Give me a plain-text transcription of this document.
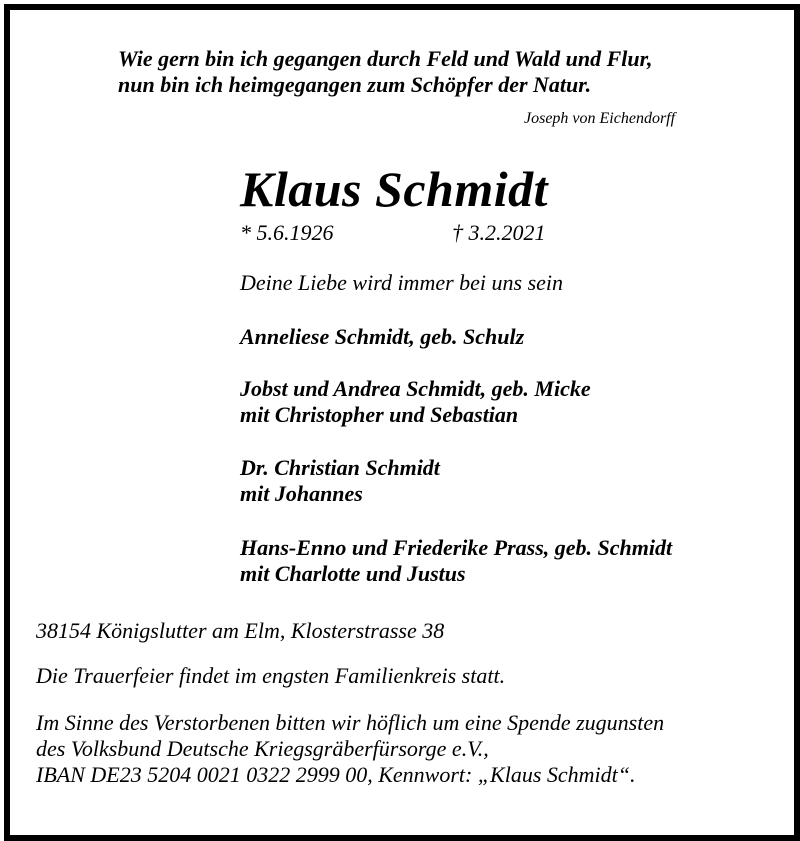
Wie gern bin ich gegangen durch Feld und Wald und Flur,
nun bin ich heimgegangen zum Schöpfer der Natur.
Joseph von Eichendorff
Klaus Schmidt
* 5.6.1926	† 3.2.2021
Deine Liebe wird immer bei uns sein
Anneliese Schmidt, geb. Schulz
Jobst und Andrea Schmidt, geb. Micke
mit Christopher und Sebastian
Dr. Christian Schmidt
mit Johannes
Hans-Enno und Friederike Prass, geb. Schmidt
mit Charlotte und Justus
38154 Königslutter am Elm, Klosterstrasse 38
Die Trauerfeier findet im engsten Familienkreis statt.
Im Sinne des Verstorbenen bitten wir höflich um eine Spende zugunsten
des Volksbund Deutsche Kriegsgräberfürsorge e.V.,
IBAN DE23 5204 0021 0322 2999 00, Kennwort: „Klaus Schmidt“.
